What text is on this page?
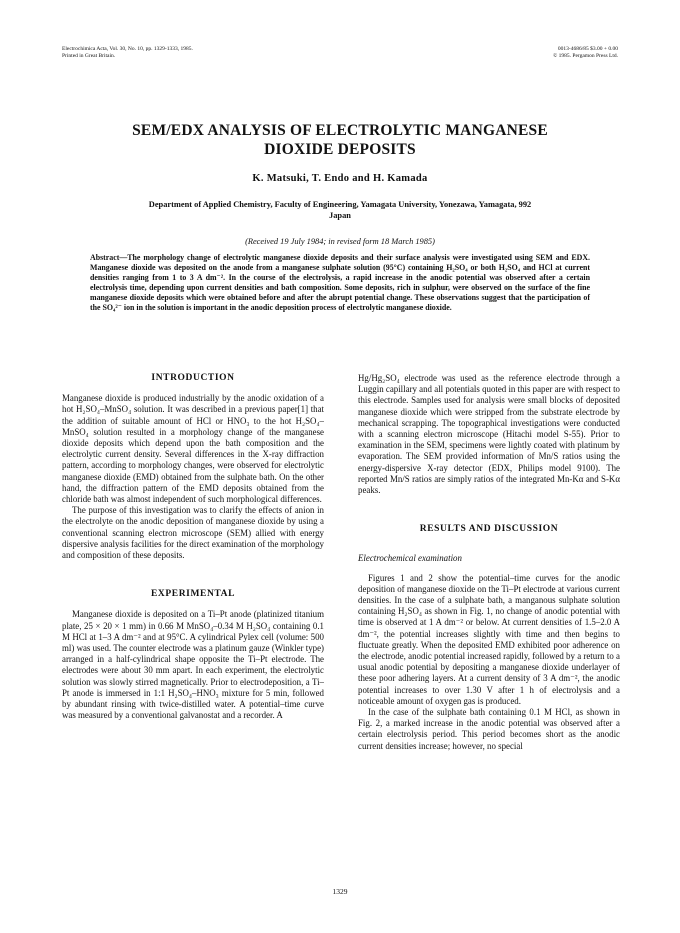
Electrochimica Acta, Vol. 30, No. 10, pp. 1329-1333, 1985.
Printed in Great Britain.
0013-4686/85 $3.00 + 0.00
© 1985. Pergamon Press Ltd.
SEM/EDX ANALYSIS OF ELECTROLYTIC MANGANESE
DIOXIDE DEPOSITS
K. Matsuki, T. Endo and H. Kamada
Department of Applied Chemistry, Faculty of Engineering, Yamagata University, Yonezawa, Yamagata, 992
Japan
(Received 19 July 1984; in revised form 18 March 1985)

Abstract—The morphology change of electrolytic manganese dioxide deposits and their surface analysis were investigated using SEM and EDX. Manganese dioxide was deposited on the anode from a manganese sulphate solution (95°C) containing H₂SO₄ or both H₂SO₄ and HCl at current densities ranging from 1 to 3 A dm⁻². In the course of the electrolysis, a rapid increase in the anodic potential was observed after a certain electrolysis time, depending upon current densities and bath composition. Some deposits, rich in sulphur, were observed on the surface of the fine manganese dioxide deposits which were obtained before and after the abrupt potential change. These observations suggest that the participation of the SO₄²⁻ ion in the solution is important in the anodic deposition process of electrolytic manganese dioxide.

INTRODUCTION

Manganese dioxide is produced industrially by the anodic oxidation of a hot H₂SO₄–MnSO₄ solution. It was described in a previous paper[1] that the addition of suitable amount of HCl or HNO₃ to the hot H₂SO₄–MnSO₄ solution resulted in a morphology change of the manganese dioxide deposits which depend upon the bath composition and the electrolytic current density. Several differences in the X-ray diffraction pattern, according to morphology changes, were observed for electrolytic manganese dioxide (EMD) obtained from the sulphate bath. On the other hand, the diffraction pattern of the EMD deposits obtained from the chloride bath was almost independent of such morphological differences.

The purpose of this investigation was to clarify the effects of anion in the electrolyte on the anodic deposition of manganese dioxide by using a conventional scanning electron microscope (SEM) allied with energy dispersive analysis facilities for the direct examination of the morphology and composition of these deposits.

EXPERIMENTAL

Manganese dioxide is deposited on a Ti–Pt anode (platinized titanium plate, 25 × 20 × 1 mm) in 0.66 M MnSO₄–0.34 M H₂SO₄ containing 0.1 M HCl at 1–3 A dm⁻² and at 95°C. A cylindrical Pylex cell (volume: 500 ml) was used. The counter electrode was a platinum gauze (Winkler type) arranged in a half-cylindrical shape opposite the Ti–Pt electrode. The electrodes were about 30 mm apart. In each experiment, the electrolytic solution was slowly stirred magnetically. Prior to electrodeposition, a Ti–Pt anode is immersed in 1:1 H₂SO₄–HNO₃ mixture for 5 min, followed by abundant rinsing with twice-distilled water. A potential–time curve was measured by a conventional galvanostat and a recorder. A

Hg/Hg₂SO₄ electrode was used as the reference electrode through a Luggin capillary and all potentials quoted in this paper are with respect to this electrode. Samples used for analysis were small blocks of deposited manganese dioxide which were stripped from the substrate electrode by mechanical scrapping. The topographical investigations were conducted with a scanning electron microscope (Hitachi model S-55). Prior to examination in the SEM, specimens were lightly coated with platinum by evaporation. The SEM provided information of Mn/S ratios using the energy-dispersive X-ray detector (EDX, Philips model 9100). The reported Mn/S ratios are simply ratios of the integrated Mn-Kα and S-Kα peaks.

RESULTS AND DISCUSSION

Electrochemical examination

Figures 1 and 2 show the potential–time curves for the anodic deposition of manganese dioxide on the Ti–Pt electrode at various current densities. In the case of a sulphate bath, a manganous sulphate solution containing H₂SO₄ as shown in Fig. 1, no change of anodic potential with time is observed at 1 A dm⁻² or below. At current densities of 1.5–2.0 A dm⁻², the potential increases slightly with time and then begins to fluctuate greatly. When the deposited EMD exhibited poor adherence on the electrode, anodic potential increased rapidly, followed by a return to a usual anodic potential by depositing a manganese dioxide underlayer of these poor adhering layers. At a current density of 3 A dm⁻², the anodic potential increases to over 1.30 V after 1 h of electrolysis and a noticeable amount of oxygen gas is produced.

In the case of the sulphate bath containing 0.1 M HCl, as shown in Fig. 2, a marked increase in the anodic potential was observed after a certain electrolysis period. This period becomes short as the anodic current densities increase; however, no special

1329
